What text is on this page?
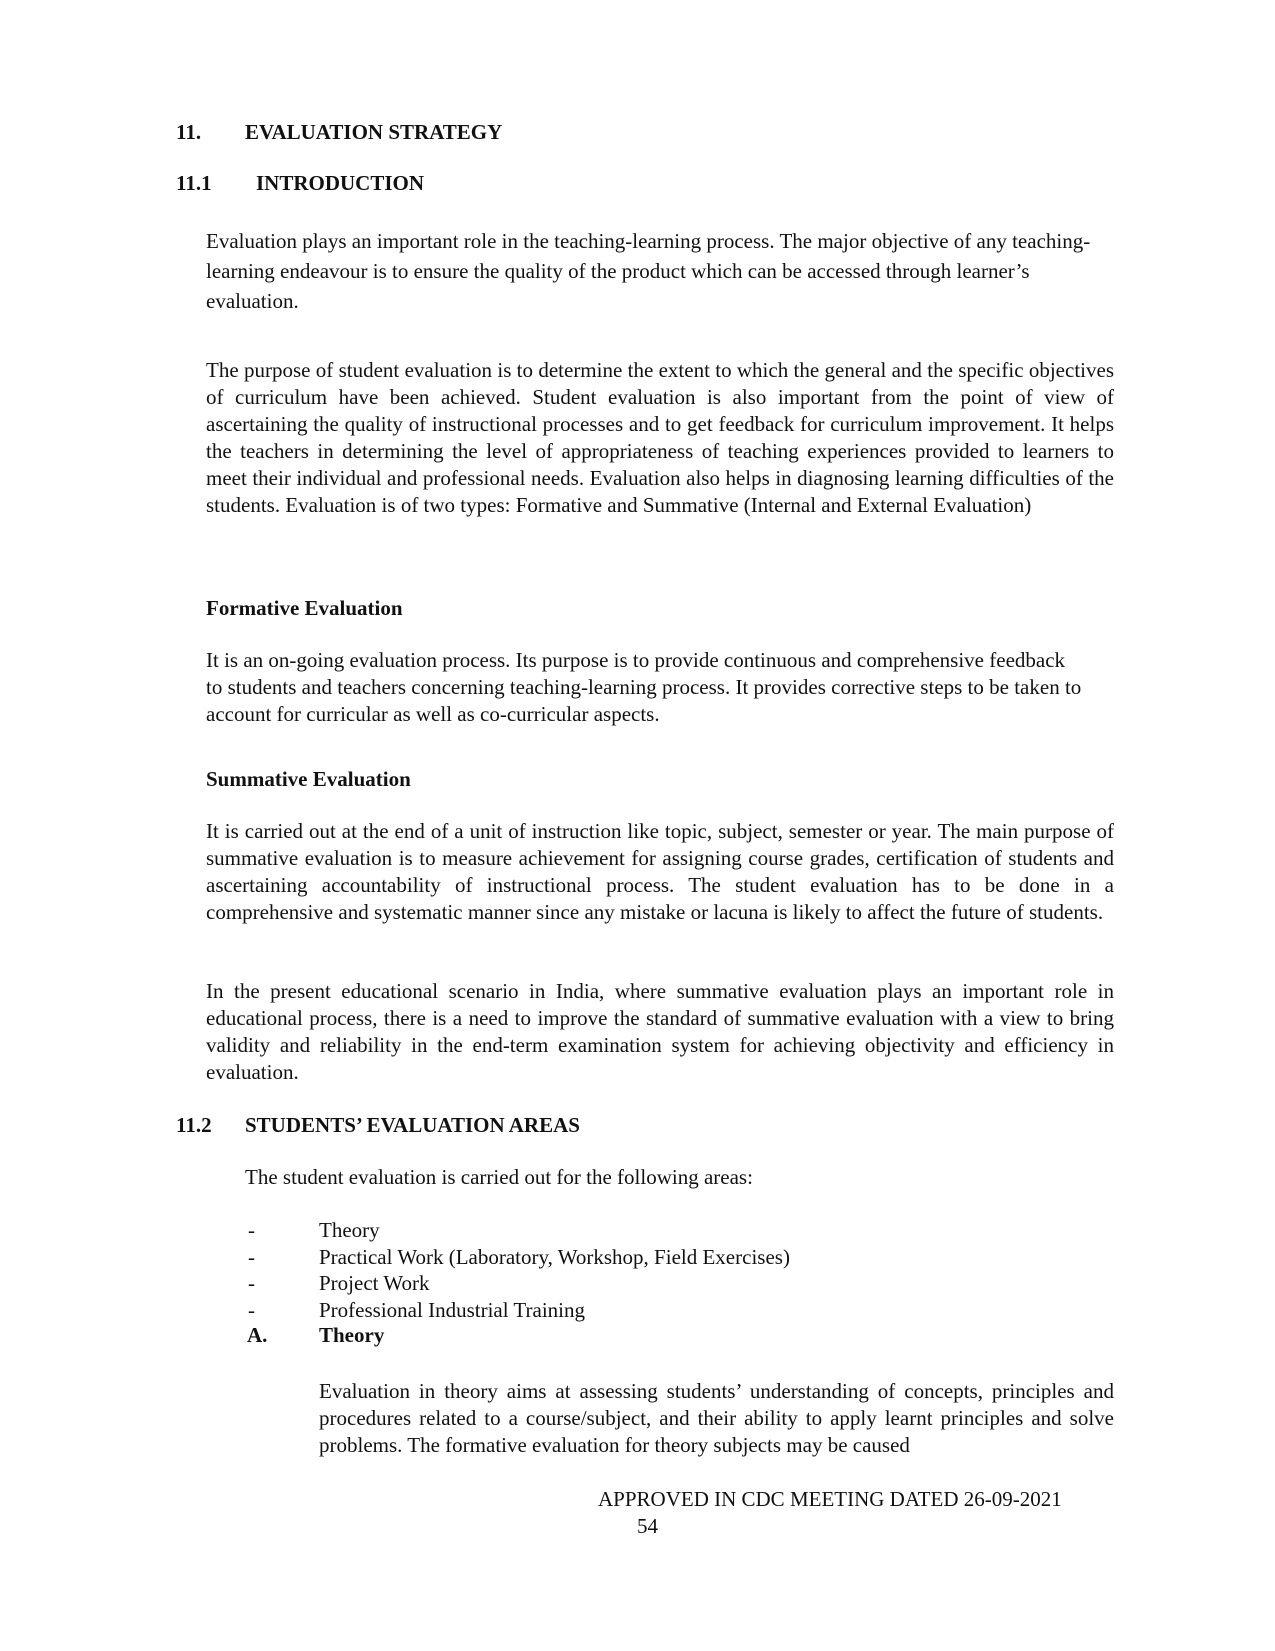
11. EVALUATION STRATEGY
11.1 INTRODUCTION
Evaluation plays an important role in the teaching-learning process. The major objective of any teaching-learning endeavour is to ensure the quality of the product which can be accessed through learner’s evaluation.
The purpose of student evaluation is to determine the extent to which the general and the specific objectives of curriculum have been achieved. Student evaluation is also important from the point of view of ascertaining the quality of instructional processes and to get feedback for curriculum improvement. It helps the teachers in determining the level of appropriateness of teaching experiences provided to learners to meet their individual and professional needs. Evaluation also helps in diagnosing learning difficulties of the students. Evaluation is of two types: Formative and Summative (Internal and External Evaluation)
Formative Evaluation
It is an on-going evaluation process. Its purpose is to provide continuous and comprehensive feedback to students and teachers concerning teaching-learning process. It provides corrective steps to be taken to account for curricular as well as co-curricular aspects.
Summative Evaluation
It is carried out at the end of a unit of instruction like topic, subject, semester or year. The main purpose of summative evaluation is to measure achievement for assigning course grades, certification of students and ascertaining accountability of instructional process. The student evaluation has to be done in a comprehensive and systematic manner since any mistake or lacuna is likely to affect the future of students.
In the present educational scenario in India, where summative evaluation plays an important role in educational process, there is a need to improve the standard of summative evaluation with a view to bring validity and reliability in the end-term examination system for achieving objectivity and efficiency in evaluation.
11.2 STUDENTS’ EVALUATION AREAS
The student evaluation is carried out for the following areas:
-	Theory
-	Practical Work (Laboratory, Workshop, Field Exercises)
-	Project Work
-	Professional Industrial Training
A. Theory
Evaluation in theory aims at assessing students’ understanding of concepts, principles and procedures related to a course/subject, and their ability to apply learnt principles and solve problems. The formative evaluation for theory subjects may be caused
APPROVED IN CDC MEETING DATED 26-09-2021
54
